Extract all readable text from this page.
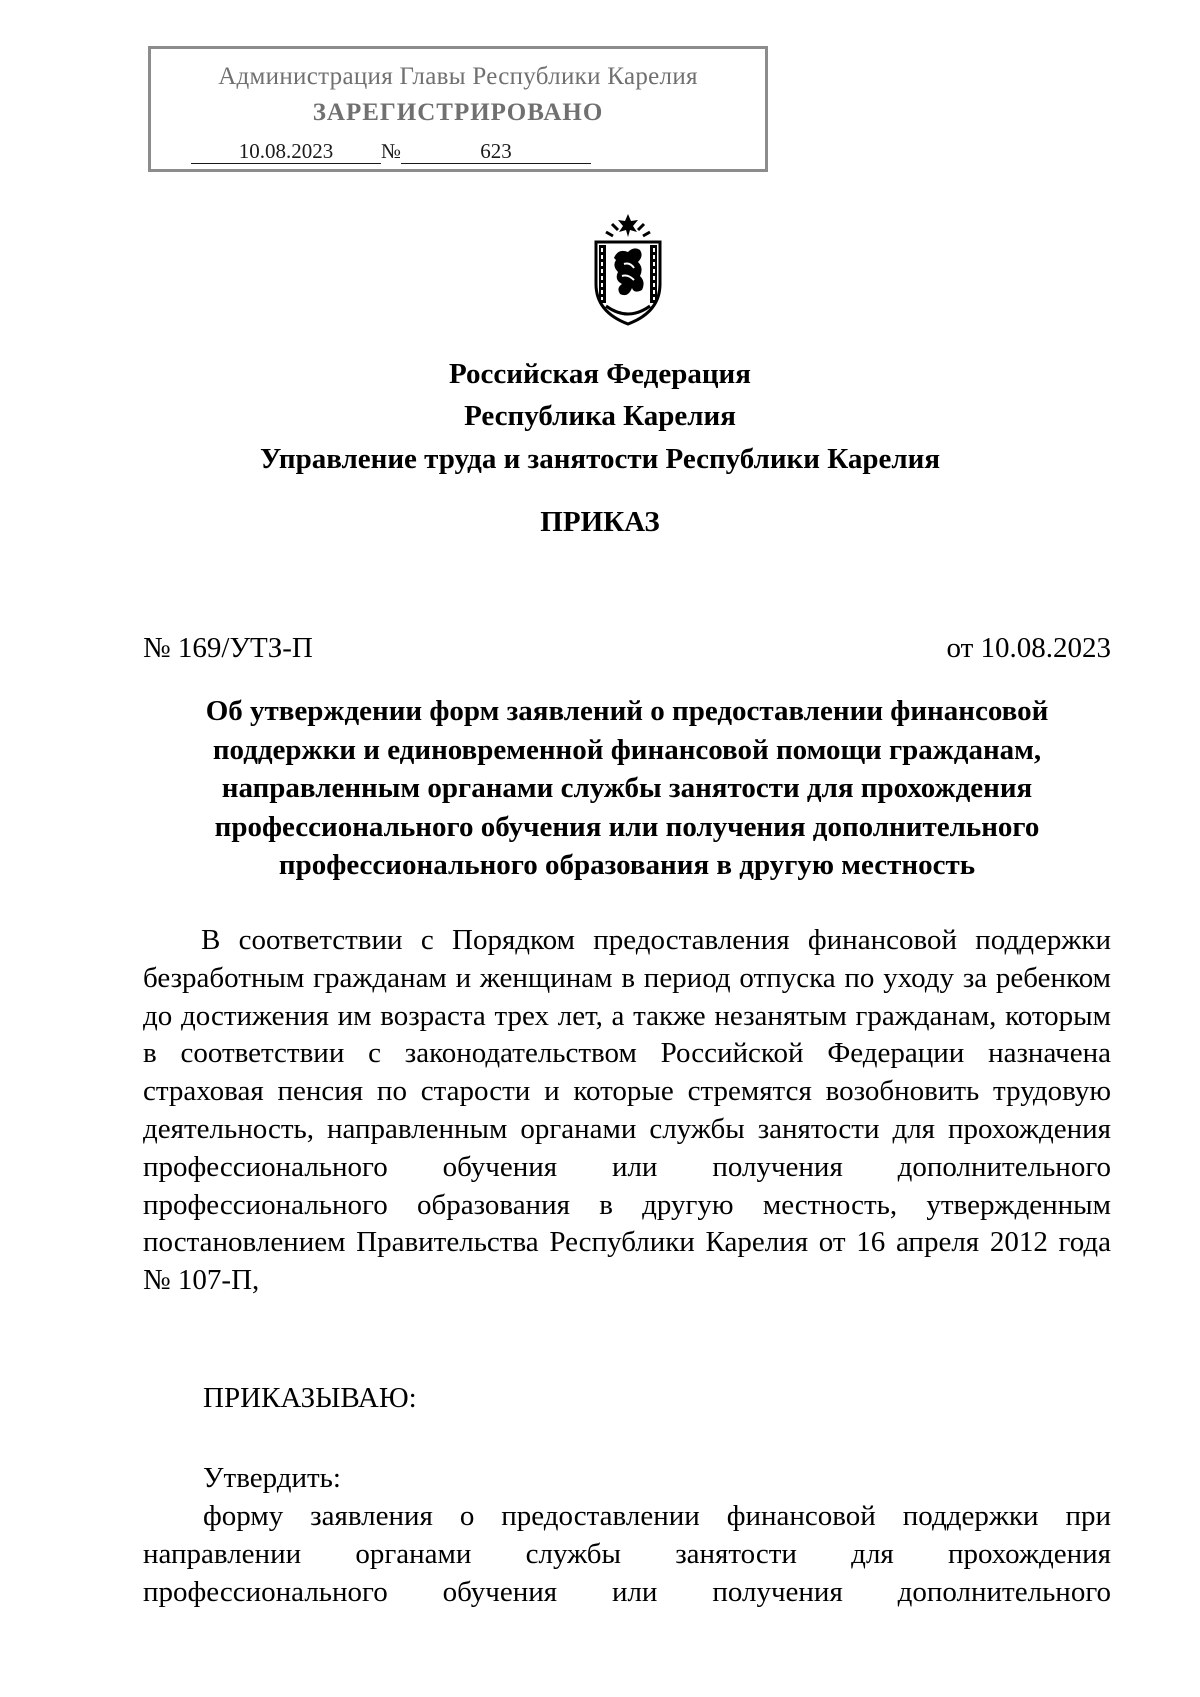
Администрация Главы Республики Карелия
ЗАРЕГИСТРИРОВАНО
10.08.2023 №	623
Российская Федерация
Республика Карелия
Управление труда и занятости Республики Карелия
ПРИКАЗ
№ 169/УТЗ-П	от 10.08.2023
Об утверждении форм заявлений о предоставлении финансовой поддержки и единовременной финансовой помощи гражданам, направленным органами службы занятости для прохождения профессионального обучения или получения дополнительного профессионального образования в другую местность
В соответствии с Порядком предоставления финансовой поддержки безработным гражданам и женщинам в период отпуска по уходу за ребенком до достижения им возраста трех лет, а также незанятым гражданам, которым в соответствии с законодательством Российской Федерации назначена страховая пенсия по старости и которые стремятся возобновить трудовую деятельность, направленным органами службы занятости для прохождения профессионального обучения или получения дополнительного профессионального образования в другую местность, утвержденным постановлением Правительства Республики Карелия от 16 апреля 2012 года № 107-П,
ПРИКАЗЫВАЮ:
Утвердить:
форму заявления о предоставлении финансовой поддержки при направлении органами службы занятости для прохождения профессионального обучения или получения дополнительного
